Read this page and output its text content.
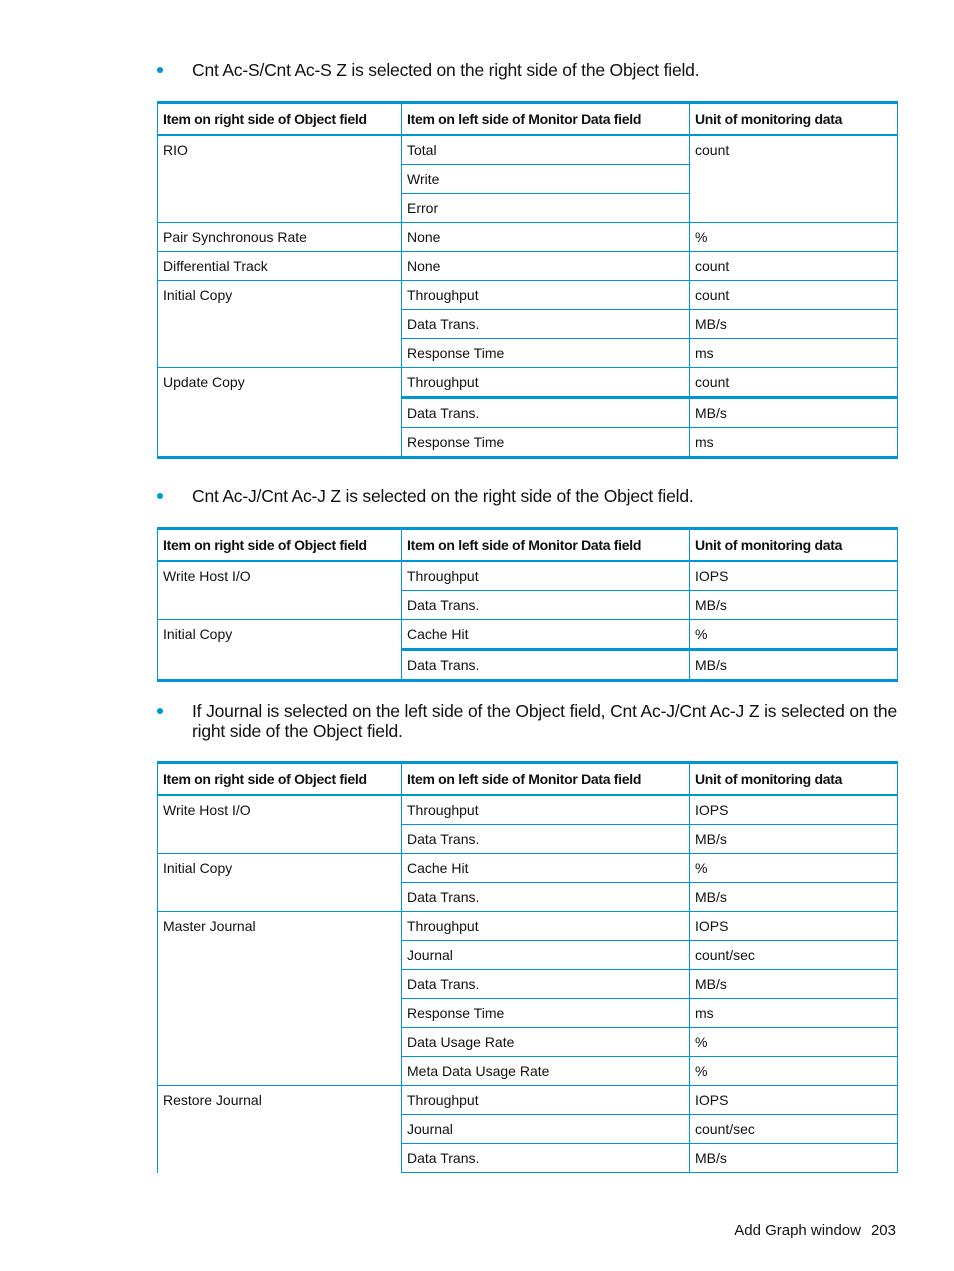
Cnt Ac-S/Cnt Ac-S Z is selected on the right side of the Object field.
Item on right side of Object field	Item on left side of Monitor Data field	Unit of monitoring data
RIO	Total	count
	Write	
	Error	
Pair Synchronous Rate	None	%
Differential Track	None	count
Initial Copy	Throughput	count
	Data Trans.	MB/s
	Response Time	ms
Update Copy	Throughput	count
	Data Trans.	MB/s
	Response Time	ms
Cnt Ac-J/Cnt Ac-J Z is selected on the right side of the Object field.
Item on right side of Object field	Item on left side of Monitor Data field	Unit of monitoring data
Write Host I/O	Throughput	IOPS
	Data Trans.	MB/s
Initial Copy	Cache Hit	%
	Data Trans.	MB/s
If Journal is selected on the left side of the Object field, Cnt Ac-J/Cnt Ac-J Z is selected on the right side of the Object field.
Item on right side of Object field	Item on left side of Monitor Data field	Unit of monitoring data
Write Host I/O	Throughput	IOPS
	Data Trans.	MB/s
Initial Copy	Cache Hit	%
	Data Trans.	MB/s
Master Journal	Throughput	IOPS
	Journal	count/sec
	Data Trans.	MB/s
	Response Time	ms
	Data Usage Rate	%
	Meta Data Usage Rate	%
Restore Journal	Throughput	IOPS
	Journal	count/sec
	Data Trans.	MB/s
Add Graph window 203
